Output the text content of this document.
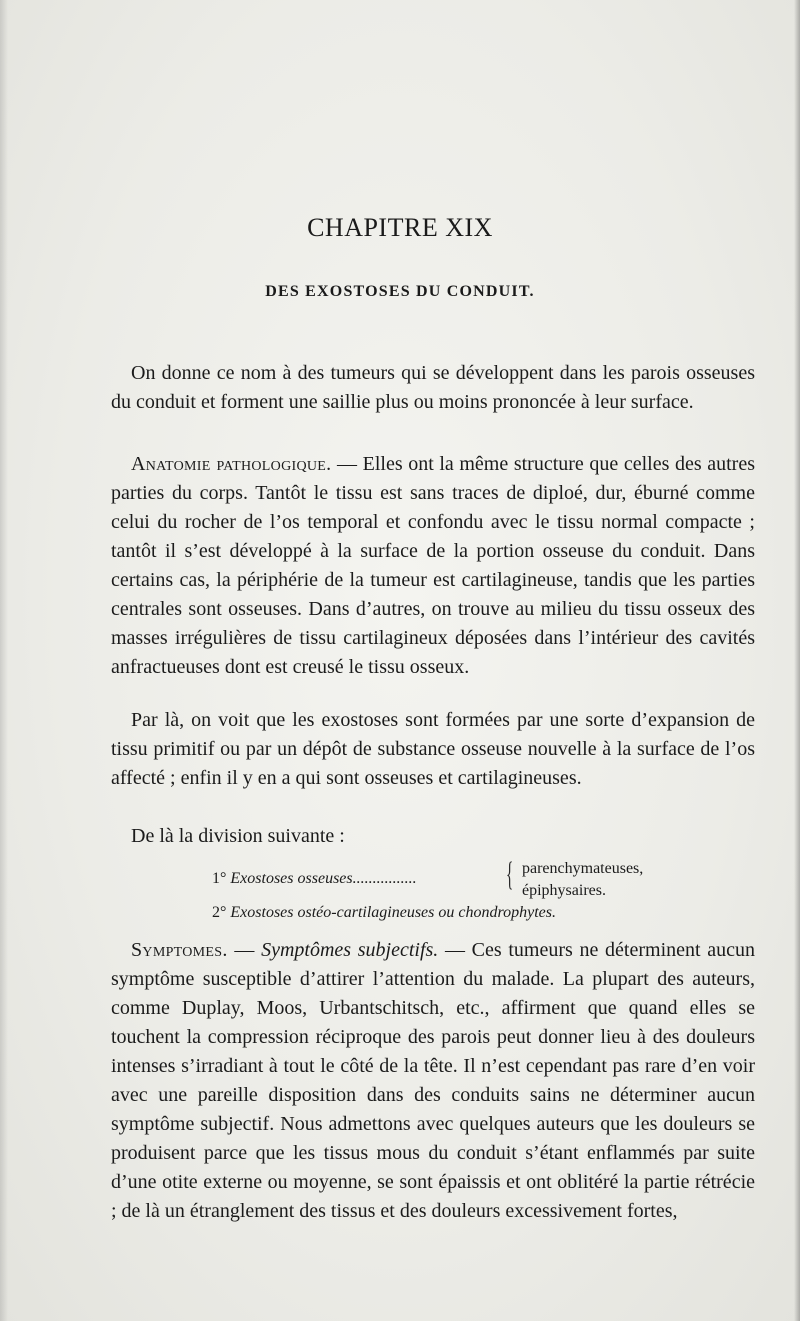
CHAPITRE XIX
DES EXOSTOSES DU CONDUIT.

On donne ce nom à des tumeurs qui se développent dans les parois osseuses du conduit et forment une saillie plus ou moins prononcée à leur surface.

Anatomie pathologique. — Elles ont la même structure que celles des autres parties du corps. Tantôt le tissu est sans traces de diploé, dur, éburné comme celui du rocher de l’os temporal et confondu avec le tissu normal compacte ; tantôt il s’est développé à la surface de la portion osseuse du conduit. Dans certains cas, la périphérie de la tumeur est cartilagineuse, tandis que les parties centrales sont osseuses. Dans d’autres, on trouve au milieu du tissu osseux des masses irrégulières de tissu cartilagineux déposées dans l’intérieur des cavités anfractueuses dont est creusé le tissu osseux.

Par là, on voit que les exostoses sont formées par une sorte d’expansion de tissu primitif ou par un dépôt de substance osseuse nouvelle à la surface de l’os affecté ; enfin il y en a qui sont osseuses et cartilagineuses.

De là la division suivante :

1° Exostoses osseuses................	{ parenchymateuses,
épiphysaires.
2° Exostoses ostéo-cartilagineuses ou chondrophytes.

Symptomes. — Symptômes subjectifs. — Ces tumeurs ne déterminent aucun symptôme susceptible d’attirer l’attention du malade. La plupart des auteurs, comme Duplay, Moos, Urbantschitsch, etc., affirment que quand elles se touchent la compression réciproque des parois peut donner lieu à des douleurs intenses s’irradiant à tout le côté de la tête. Il n’est cependant pas rare d’en voir avec une pareille disposition dans des conduits sains ne déterminer aucun symptôme subjectif. Nous admettons avec quelques auteurs que les douleurs se produisent parce que les tissus mous du conduit s’étant enflammés par suite d’une otite externe ou moyenne, se sont épaissis et ont oblitéré la partie rétrécie ; de là un étranglement des tissus et des douleurs excessivement fortes,
